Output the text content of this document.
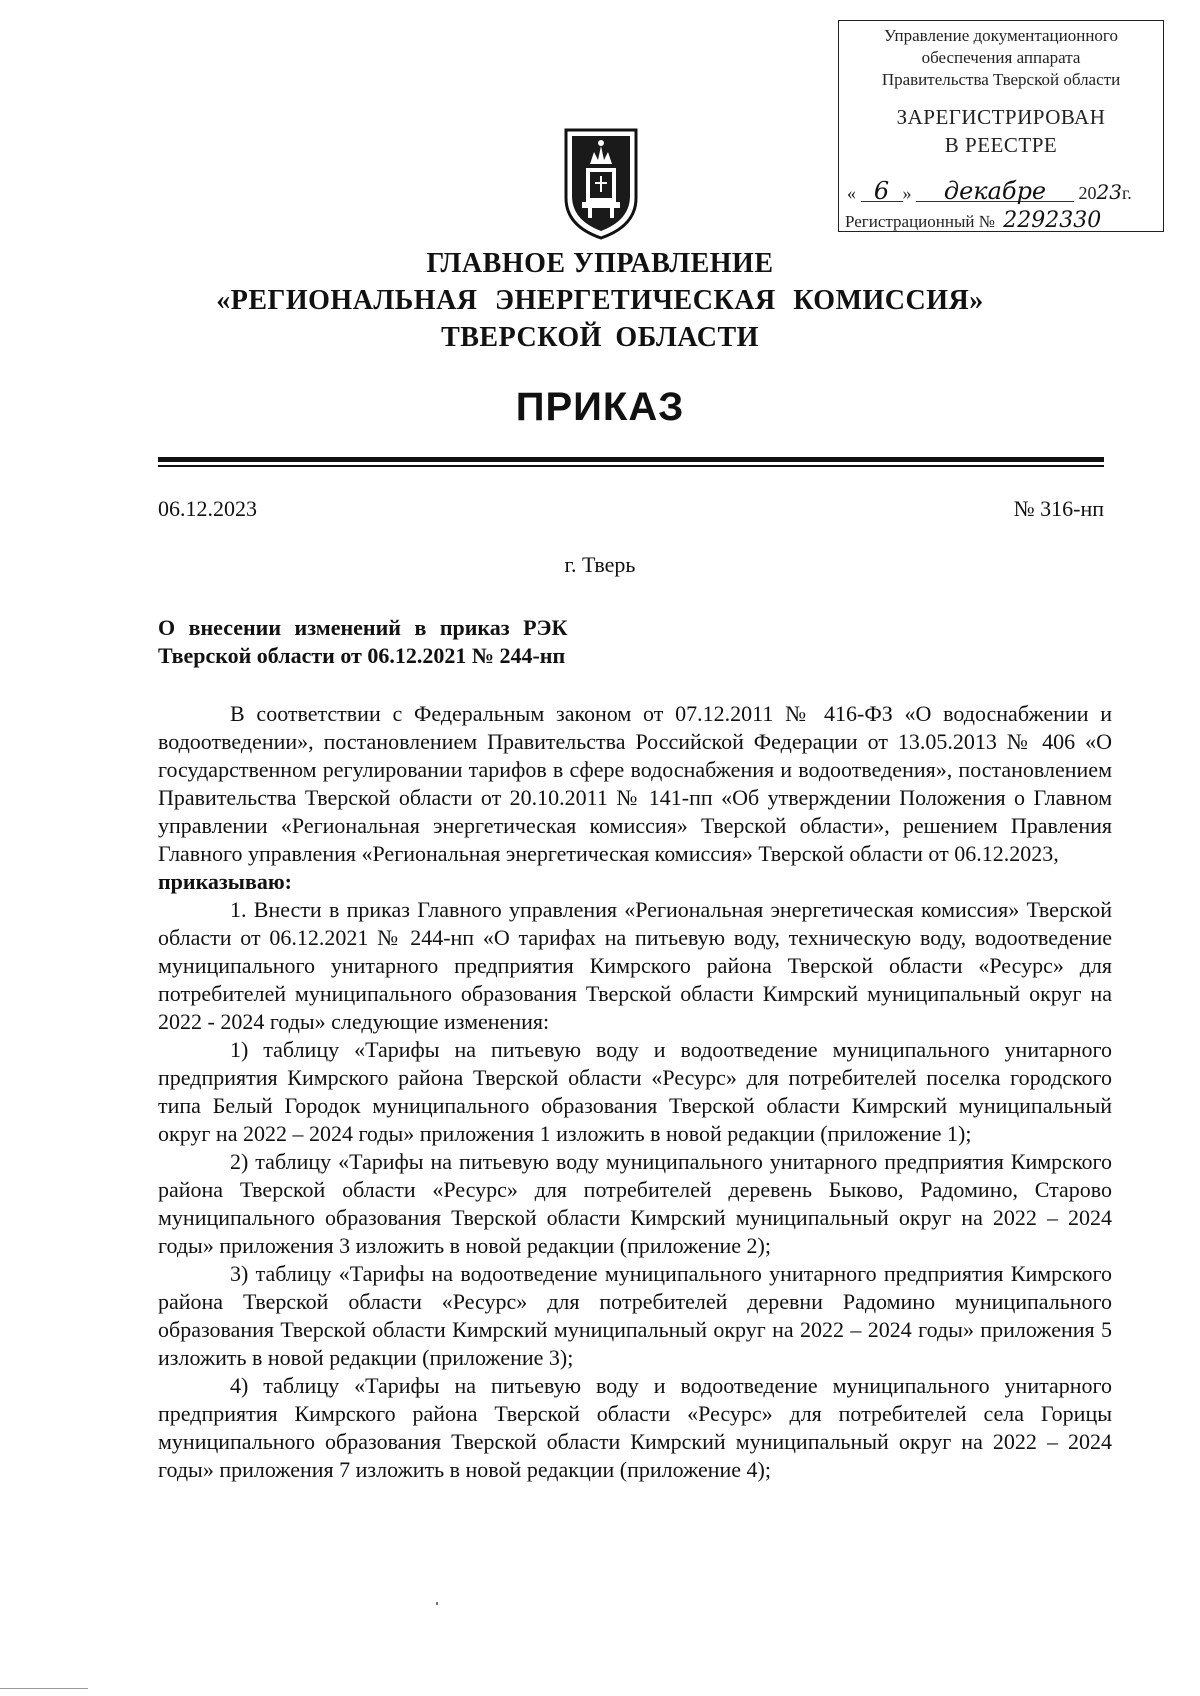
Управление документационного
обеспечения аппарата
Правительства Тверской области
ЗАРЕГИСТРИРОВАН
В РЕЕСТРЕ
« 6 » декабре 2023г.
Регистрационный № 2292330
ГЛАВНОЕ УПРАВЛЕНИЕ
«РЕГИОНАЛЬНАЯ ЭНЕРГЕТИЧЕСКАЯ КОМИССИЯ»
ТВЕРСКОЙ ОБЛАСТИ
ПРИКАЗ
06.12.2023	№ 316-нп
г. Тверь
О внесении изменений в приказ РЭК
Тверской области от 06.12.2021 № 244-нп

В соответствии с Федеральным законом от 07.12.2011 № 416-ФЗ «О водоснабжении и водоотведении», постановлением Правительства Российской Федерации от 13.05.2013 № 406 «О государственном регулировании тарифов в сфере водоснабжения и водоотведения», постановлением Правительства Тверской области от 20.10.2011 № 141-пп «Об утверждении Положения о Главном управлении «Региональная энергетическая комиссия» Тверской области», решением Правления Главного управления «Региональная энергетическая комиссия» Тверской области от 06.12.2023,

приказываю:

1. Внести в приказ Главного управления «Региональная энергетическая комиссия» Тверской области от 06.12.2021 № 244-нп «О тарифах на питьевую воду, техническую воду, водоотведение муниципального унитарного предприятия Кимрского района Тверской области «Ресурс» для потребителей муниципального образования Тверской области Кимрский муниципальный округ на 2022 - 2024 годы» следующие изменения:

1) таблицу «Тарифы на питьевую воду и водоотведение муниципального унитарного предприятия Кимрского района Тверской области «Ресурс» для потребителей поселка городского типа Белый Городок муниципального образования Тверской области Кимрский муниципальный округ на 2022 – 2024 годы» приложения 1 изложить в новой редакции (приложение 1);

2) таблицу «Тарифы на питьевую воду муниципального унитарного предприятия Кимрского района Тверской области «Ресурс» для потребителей деревень Быково, Радомино, Старово муниципального образования Тверской области Кимрский муниципальный округ на 2022 – 2024 годы» приложения 3 изложить в новой редакции (приложение 2);

3) таблицу «Тарифы на водоотведение муниципального унитарного предприятия Кимрского района Тверской области «Ресурс» для потребителей деревни Радомино муниципального образования Тверской области Кимрский муниципальный округ на 2022 – 2024 годы» приложения 5 изложить в новой редакции (приложение 3);

4) таблицу «Тарифы на питьевую воду и водоотведение муниципального унитарного предприятия Кимрского района Тверской области «Ресурс» для потребителей села Горицы муниципального образования Тверской области Кимрский муниципальный округ на 2022 – 2024 годы» приложения 7 изложить в новой редакции (приложение 4);
